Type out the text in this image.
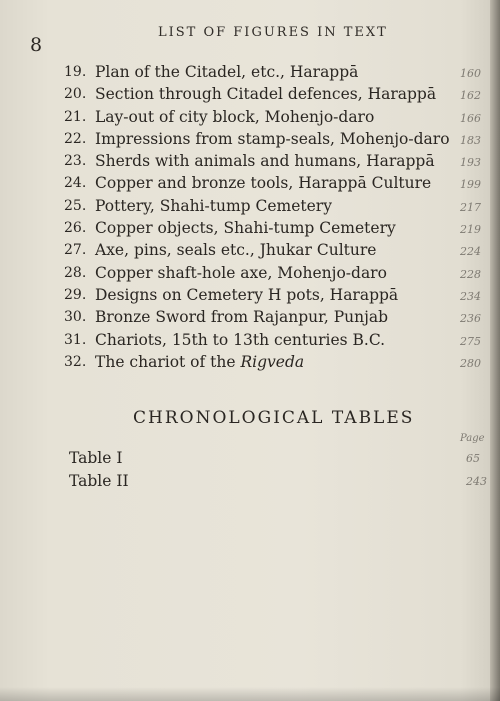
8
LIST OF FIGURES IN TEXT
19. Plan of the Citadel, etc., Harappā	160
20. Section through Citadel defences, Harappā 162
21. Lay-out of city block, Mohenjo-daro	166
22. Impressions from stamp-seals, Mohenjo-daro 183
23. Sherds with animals and humans, Harappā 193
24. Copper and bronze tools, Harappā Culture	199
25. Pottery, Shahi-tump Cemetery	217
26. Copper objects, Shahi-tump Cemetery	219
27. Axe, pins, seals etc., Jhukar Culture	224
28. Copper shaft-hole axe, Mohenjo-daro	228
29. Designs on Cemetery H pots, Harappā	234
30. Bronze Sword from Rajanpur, Punjab	236
31. Chariots, 15th to 13th centuries B.C.	275
32. The chariot of the Rigveda	280
CHRONOLOGICAL TABLES
Page
Table I	65
Table II	243
